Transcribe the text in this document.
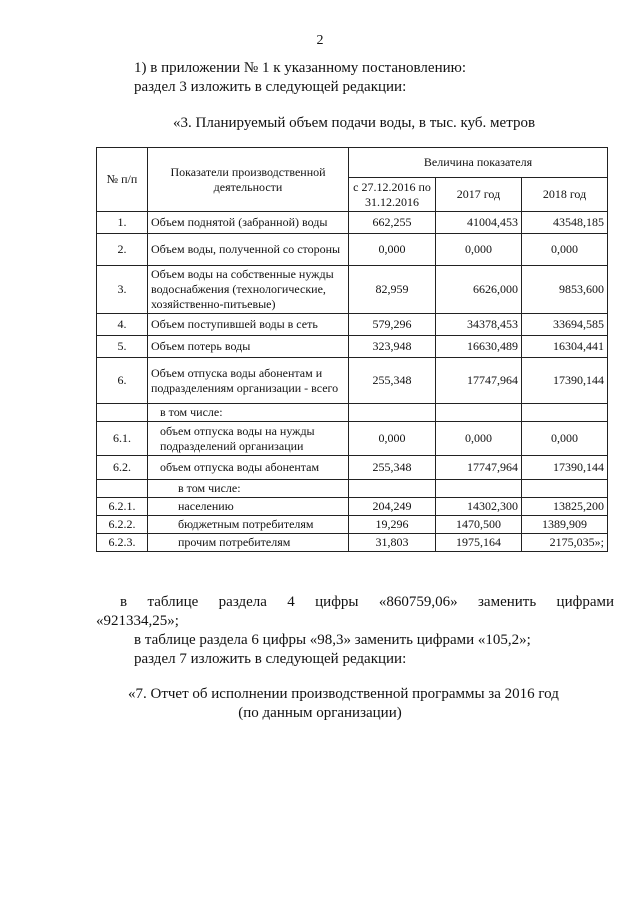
2
1) в приложении № 1 к указанному постановлению:
раздел 3 изложить в следующей редакции:
«3. Планируемый объем подачи воды, в тыс. куб. метров
№ п/п	Показатели производственной деятельности	Величина показателя		
		с 27.12.2016 по 31.12.2016	2017 год	2018 год
1.	Объем поднятой (забранной) воды	662,255	41004,453	43548,185
2.	Объем воды, полученной со стороны	0,000	0,000	0,000
3.	Объем воды на собственные нужды водоснабжения (технологические, хозяйственно-питьевые)	82,959	6626,000	9853,600
4.	Объем поступившей воды в сеть	579,296	34378,453	33694,585
5.	Объем потерь воды	323,948	16630,489	16304,441
6.	Объем отпуска воды абонентам и подразделениям организации - всего	255,348	17747,964	17390,144
	в том числе:			
6.1.	объем отпуска воды на нужды подразделений организации	0,000	0,000	0,000
6.2.	объем отпуска воды абонентам	255,348	17747,964	17390,144
	в том числе:			
6.2.1.	населению	204,249	14302,300	13825,200
6.2.2.	бюджетным потребителям	19,296	1470,500	1389,909
6.2.3.	прочим потребителям	31,803	1975,164	2175,035»;
в таблице раздела 4 цифры «860759,06» заменить цифрами
«921334,25»;
в таблице раздела 6 цифры «98,3» заменить цифрами «105,2»;
раздел 7 изложить в следующей редакции:
«7. Отчет об исполнении производственной программы за 2016 год
(по данным организации)
